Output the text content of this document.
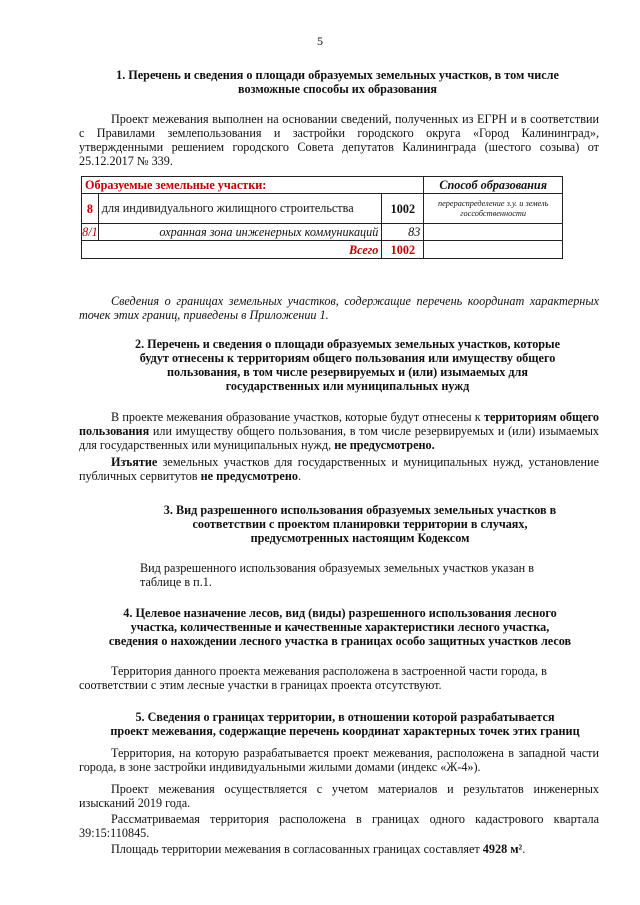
5
1. Перечень и сведения о площади образуемых земельных участков, в том числе
возможные способы их образования
Проект межевания выполнен на основании сведений, полученных из ЕГРН и в соответствии с Правилами землепользования и застройки городского округа «Город Калининград», утвержденными решением городского Совета депутатов Калининграда (шестого созыва) от 25.12.2017 № 339.
Образуемые земельные участки:			Способ образования
8	для индивидуального жилищного строительства	1002	перераспределение з.у. и земель госсобственности
8/1	охранная зона инженерных коммуникаций	83	
Всего		1002	
Сведения о границах земельных участков, содержащие перечень координат характерных точек этих границ, приведены в Приложении 1.
2. Перечень и сведения о площади образуемых земельных участков, которые
будут отнесены к территориям общего пользования или имуществу общего
пользования, в том числе резервируемых и (или) изымаемых для
государственных или муниципальных нужд
В проекте межевания образование участков, которые будут отнесены к территориям общего пользования или имуществу общего пользования, в том числе резервируемых и (или) изымаемых для государственных или муниципальных нужд, не предусмотрено.
Изъятие земельных участков для государственных и муниципальных нужд, установление публичных сервитутов не предусмотрено.
3. Вид разрешенного использования образуемых земельных участков в
соответствии с проектом планировки территории в случаях,
предусмотренных настоящим Кодексом
Вид разрешенного использования образуемых земельных участков указан в
таблице в п.1.
4. Целевое назначение лесов, вид (виды) разрешенного использования лесного
участка, количественные и качественные характеристики лесного участка,
сведения о нахождении лесного участка в границах особо защитных участков лесов
Территория данного проекта межевания расположена в застроенной части города, в
соответствии с этим лесные участки в границах проекта отсутствуют.
5. Сведения о границах территории, в отношении которой разрабатывается
проект межевания, содержащие перечень координат характерных точек этих границ
Территория, на которую разрабатывается проект межевания, расположена в западной части города, в зоне застройки индивидуальными жилыми домами (индекс «Ж-4»).
Проект межевания осуществляется с учетом материалов и результатов инженерных изысканий 2019 года.
Рассматриваемая территория расположена в границах одного кадастрового квартала 39:15:110845.
Площадь территории межевания в согласованных границах составляет 4928 м².
